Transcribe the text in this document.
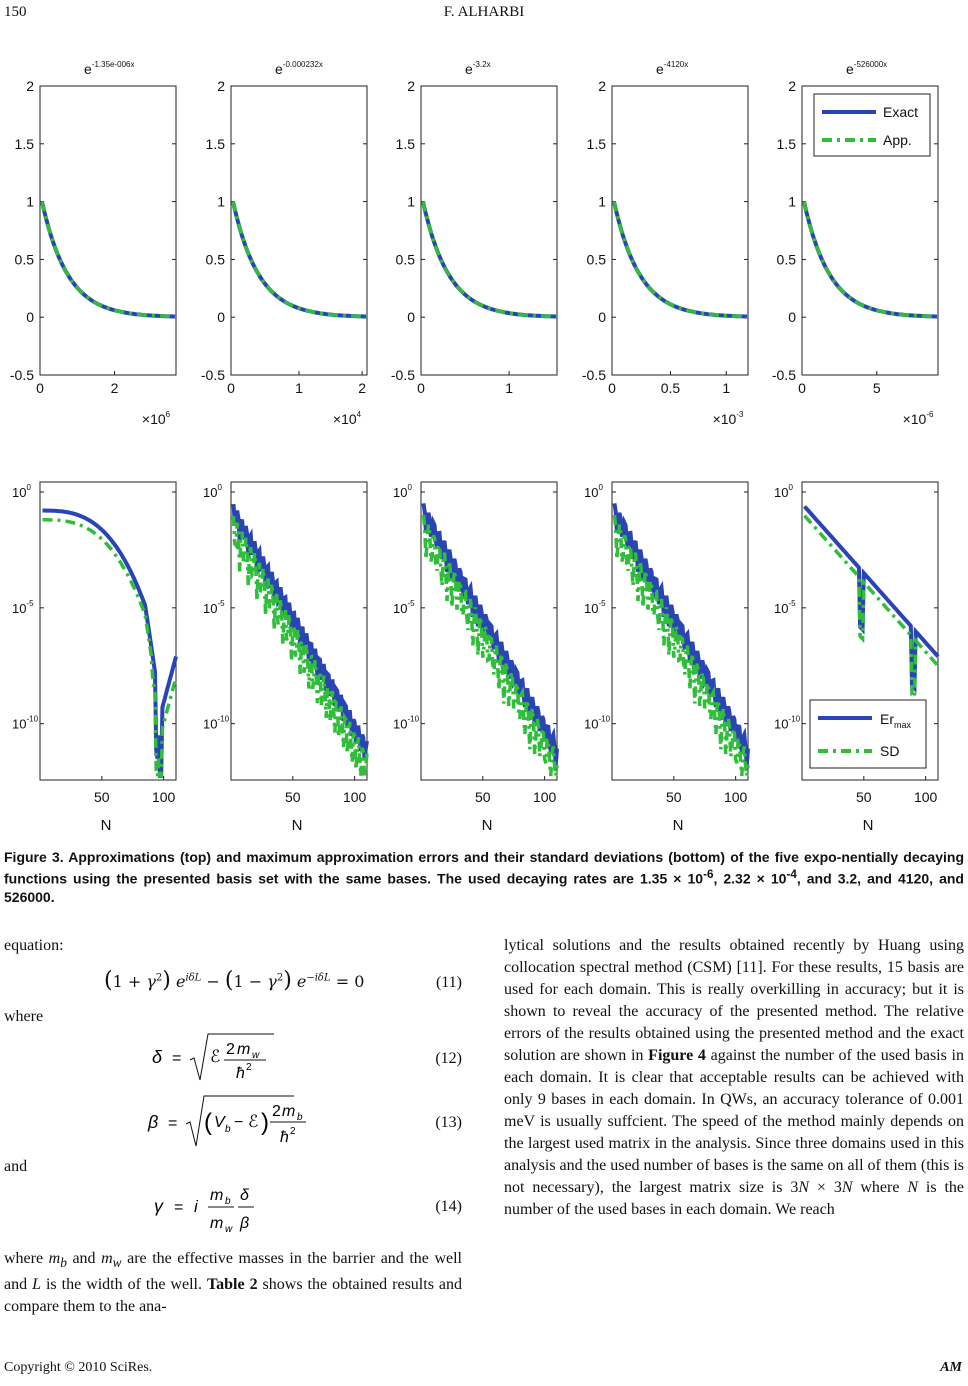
150	F. ALHARBI
$e^{-1.35e-006x}$
2
1.5
1
0.5
0
-0.5
0	2
$\times 10^6$
$e^{-0.000232x}$
2
1.5
1
0.5
0
-0.5
0	1	2
$\times 10^4$
$e^{-3.2x}$
2
1.5
1
0.5
0
-0.5
0	1
$e^{-4120x}$
2
1.5
1
0.5
0
-0.5
0	0.5	1
$\times 10^{-3}$
$e^{-526000x}$
2
1.5
1
0.5
0
-0.5
0	5
$\times 10^{-6}$
Exact
App.
$10^0$
$10^{-5}$
$10^{-10}$
50	100
N
$10^0$
$10^{-5}$
$10^{-10}$
50	100
N
$10^0$
$10^{-5}$
$10^{-10}$
50	100
N
$10^0$
$10^{-5}$
$10^{-10}$
50	100
N
$10^0$
$10^{-5}$
$10^{-10}$
50	100
N
$Er_{max}$
SD
Figure 3. Approximations (top) and maximum approximation errors and their standard deviations (bottom) of the five expo-nentially decaying functions using the presented basis set with the same bases. The used decaying rates are $1.35 \times 10^{-6}$, $2.32 \times 10^{-4}$, and 3.2, and 4120, and 526000.
equation:
$(1 + \gamma^2)$ $e^{i\delta L} - (1 - \gamma^2) e^{-i\delta L} = 0$	(11)
where
δ = ℰ 2 m w
ħ 2
(12)
β = ( V b − ℰ ) 2 m b
ħ 2
(13)
and
γ = i
m b
m w
δ
β
(14)
where $m_b$ and $m_w$ are the effective masses in the barrier and the well and L is the width of the well. Table 2 shows the obtained results and compare them to the ana-
lytical solutions and the results obtained recently by Huang using collocation spectral method (CSM) [11]. For these results, 15 basis are used for each domain. This is really overkilling in accuracy; but it is shown to reveal the accuracy of the presented method. The relative errors of the results obtained using the presented method and the exact solution are shown in Figure 4 against the number of the used basis in each domain. It is clear that acceptable results can be achieved with only 9 bases in each domain. In QWs, an accuracy tolerance of 0.001 meV is usually suffcient. The speed of the method mainly depends on the largest used matrix in the analysis. Since three domains used in this analysis and the used number of bases is the same on all of them (this is not necessary), the largest matrix size is 3N × 3N where N is the number of the used bases in each domain. We reach
Copyright © 2010 SciRes.	AM
